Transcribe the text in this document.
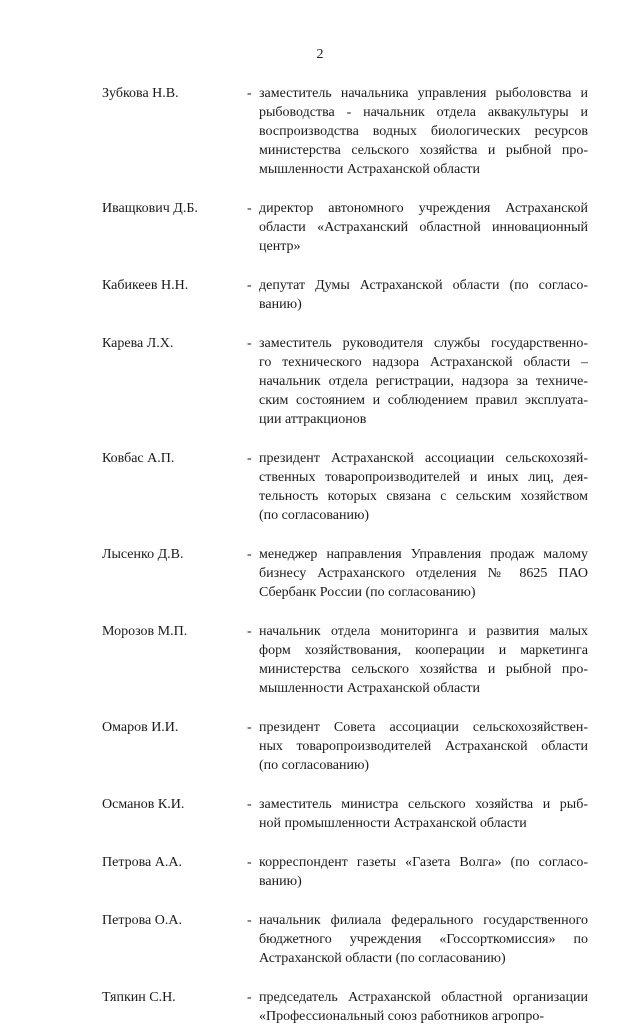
2
Зубкова Н.В.	- заместитель начальника управления рыболовства и
рыбоводства - начальник отдела аквакультуры и
воспроизводства водных биологических ресурсов
министерства сельского хозяйства и рыбной про-
мышленности Астраханской области
Иващкович Д.Б.	- директор автономного учреждения Астраханской
области «Астраханский областной инновационный
центр»
Кабикеев Н.Н.	- депутат Думы Астраханской области (по согласо-
ванию)
Карева Л.Х.	- заместитель руководителя службы государственно-
го технического надзора Астраханской области –
начальник отдела регистрации, надзора за техниче-
ским состоянием и соблюдением правил эксплуата-
ции аттракционов
Ковбас А.П.	- президент Астраханской ассоциации сельскохозяй-
ственных товаропроизводителей и иных лиц, дея-
тельность которых связана с сельским хозяйством
(по согласованию)
Лысенко Д.В.	- менеджер направления Управления продаж малому
бизнесу Астраханского отделения № 8625 ПАО
Сбербанк России (по согласованию)
Морозов М.П.	- начальник отдела мониторинга и развития малых
форм хозяйствования, кооперации и маркетинга
министерства сельского хозяйства и рыбной про-
мышленности Астраханской области
Омаров И.И.	- президент Совета ассоциации сельскохозяйствен-
ных товаропроизводителей Астраханской области
(по согласованию)
Османов К.И.	- заместитель министра сельского хозяйства и рыб-
ной промышленности Астраханской области
Петрова А.А.	- корреспондент газеты «Газета Волга» (по согласо-
ванию)
Петрова О.А.	- начальник филиала федерального государственного
бюджетного учреждения «Госсорткомиссия» по
Астраханской области (по согласованию)
Тяпкин С.Н.	- председатель Астраханской областной организации
«Профессиональный союз работников агропро-
